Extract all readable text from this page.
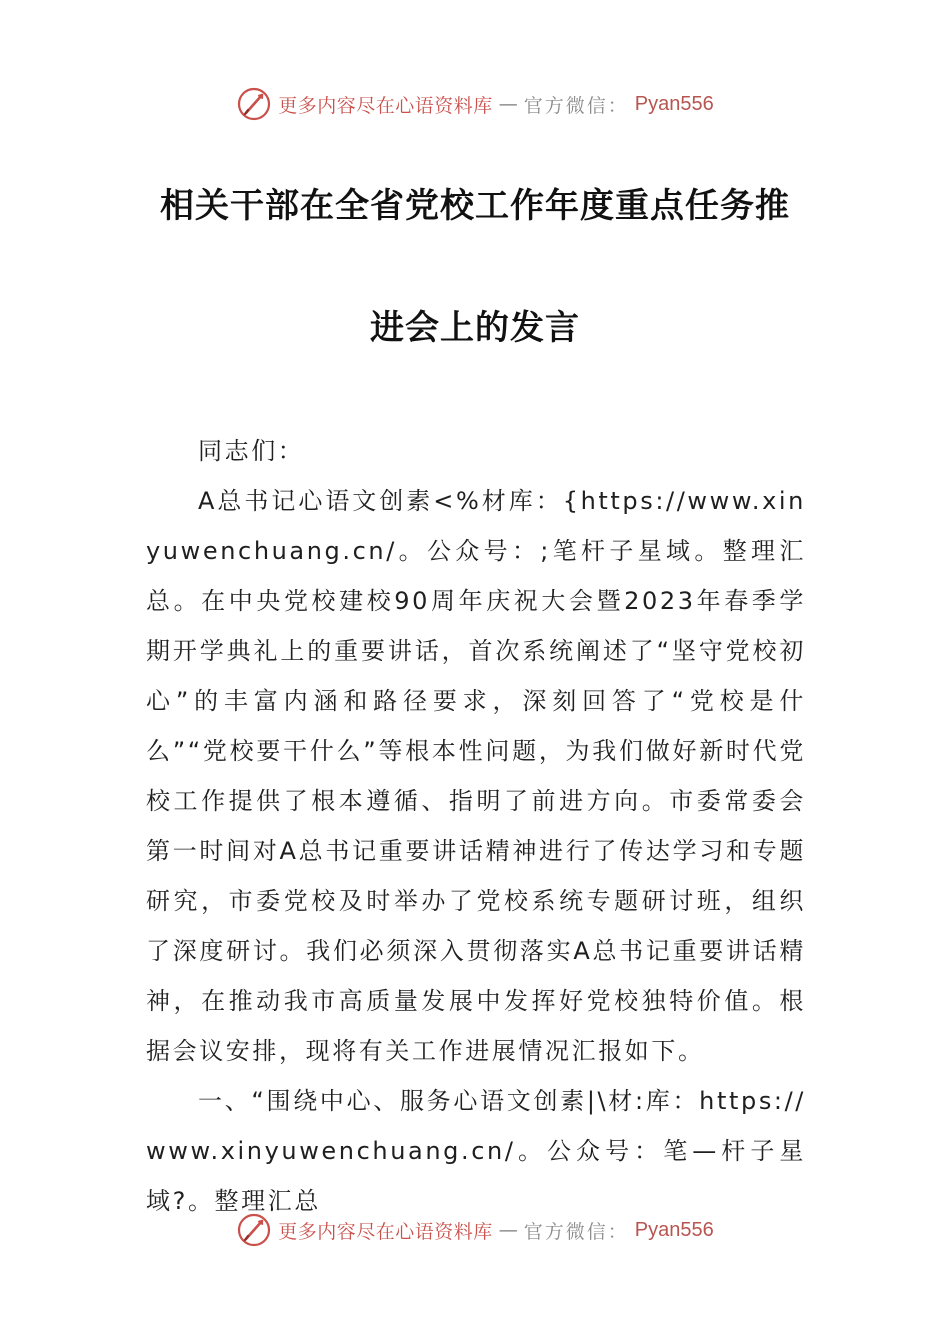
更多内容尽在心语资料库 — 官方微信： Pyan556
相关干部在全省党校工作年度重点任务推
进会上的发言

同志们：

A总书记心语文创素<%材库：{https://www.xinyuwenchuang.cn/。公众号：;笔杆子星域。整理汇总。在中央党校建校90周年庆祝大会暨2023年春季学期开学典礼上的重要讲话，首次系统阐述了“坚守党校初心”的丰富内涵和路径要求，深刻回答了“党校是什么”“党校要干什么”等根本性问题，为我们做好新时代党校工作提供了根本遵循、指明了前进方向。市委常委会第一时间对A总书记重要讲话精神进行了传达学习和专题研究，市委党校及时举办了党校系统专题研讨班，组织了深度研讨。我们必须深入贯彻落实A总书记重要讲话精神，在推动我市高质量发展中发挥好党校独特价值。根据会议安排，现将有关工作进展情况汇报如下。

一、“围绕中心、服务心语文创素|\材:库：https://www.xinyuwenchuang.cn/。公众号：笔—杆子星域?。整理汇总

更多内容尽在心语资料库 — 官方微信： Pyan556
